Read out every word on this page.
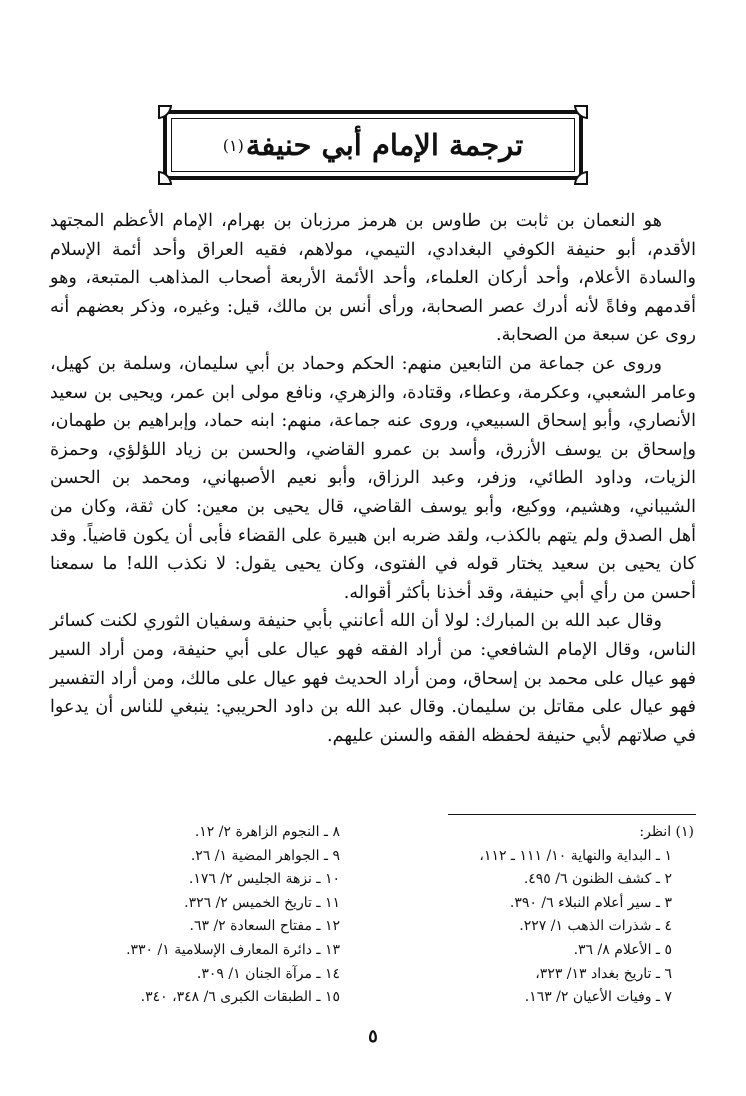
ترجمة الإمام أبي حنيفة
(١)

هو النعمان بن ثابت بن طاوس بن هرمز مرزبان بن بهرام، الإمام الأعظم المجتهد الأقدم، أبو حنيفة الكوفي البغدادي، التيمي، مولاهم، فقيه العراق وأحد أئمة الإسلام والسادة الأعلام، وأحد أركان العلماء، وأحد الأئمة الأربعة أصحاب المذاهب المتبعة، وهو أقدمهم وفاةً لأنه أدرك عصر الصحابة، ورأى أنس بن مالك، قيل: وغيره، وذكر بعضهم أنه روى عن سبعة من الصحابة.

وروى عن جماعة من التابعين منهم: الحكم وحماد بن أبي سليمان، وسلمة بن كهيل، وعامر الشعبي، وعكرمة، وعطاء، وقتادة، والزهري، ونافع مولى ابن عمر، ويحيى بن سعيد الأنصاري، وأبو إسحاق السبيعي، وروى عنه جماعة، منهم: ابنه حماد، وإبراهيم بن طهمان، وإسحاق بن يوسف الأزرق، وأسد بن عمرو القاضي، والحسن بن زياد اللؤلؤي، وحمزة الزيات، وداود الطائي، وزفر، وعبد الرزاق، وأبو نعيم الأصبهاني، ومحمد بن الحسن الشيباني، وهشيم، ووكيع، وأبو يوسف القاضي، قال يحيى بن معين: كان ثقة، وكان من أهل الصدق ولم يتهم بالكذب، ولقد ضربه ابن هبيرة على القضاء فأبى أن يكون قاضياً. وقد كان يحيى بن سعيد يختار قوله في الفتوى، وكان يحيى يقول: لا نكذب الله! ما سمعنا أحسن من رأي أبي حنيفة، وقد أخذنا بأكثر أقواله.

وقال عبد الله بن المبارك: لولا أن الله أعانني بأبي حنيفة وسفيان الثوري لكنت كسائر الناس، وقال الإمام الشافعي: من أراد الفقه فهو عيال على أبي حنيفة، ومن أراد السير فهو عيال على محمد بن إسحاق، ومن أراد الحديث فهو عيال على مالك، ومن أراد التفسير فهو عيال على مقاتل بن سليمان. وقال عبد الله بن داود الحريبي: ينبغي للناس أن يدعوا في صلاتهم لأبي حنيفة لحفظه الفقه والسنن عليهم.

(١) انظر:
١ ـ البداية والنهاية ١٠/ ١١١ ـ ١١٢،
٢ ـ كشف الظنون ٦/ ٤٩٥.
٣ ـ سير أعلام النبلاء ٦/ ٣٩٠.
٤ ـ شذرات الذهب ١/ ٢٢٧.
٥ ـ الأعلام ٨/ ٣٦.
٦ ـ تاريخ بغداد ١٣/ ٣٢٣،
٧ ـ وفيات الأعيان ٢/ ١٦٣.
٨ ـ النجوم الزاهرة ٢/ ١٢.
٩ ـ الجواهر المضية ١/ ٢٦.
١٠ ـ نزهة الجليس ٢/ ١٧٦.
١١ ـ تاريخ الخميس ٢/ ٣٢٦.
١٢ ـ مفتاح السعادة ٢/ ٦٣.
١٣ ـ دائرة المعارف الإسلامية ١/ ٣٣٠.
١٤ ـ مرآة الجنان ١/ ٣٠٩.
١٥ ـ الطبقات الكبرى ٦/ ٣٤٨، ٣٤٠.
٥
